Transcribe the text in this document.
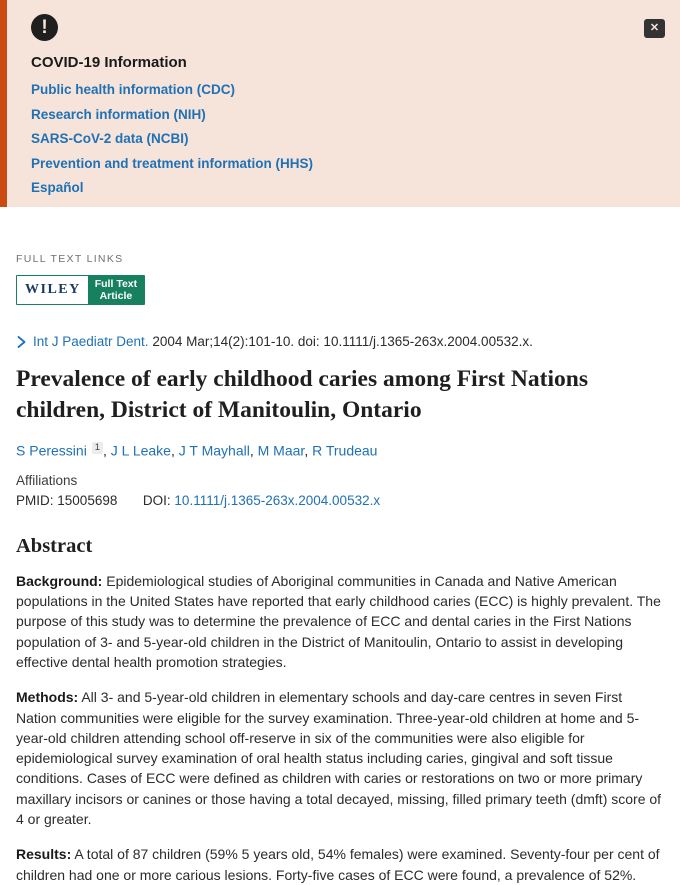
!	✕
COVID-19 Information
Public health information (CDC)
Research information (NIH)
SARS-CoV-2 data (NCBI)
Prevention and treatment information (HHS)
Español
FULL TEXT LINKS
WILEY	Full Text
Article
Int J Paediatr Dent. 2004 Mar;14(2):101-10. doi: 10.1111/j.1365-263x.2004.00532.x.
Prevalence of early childhood caries among First Nations children, District of Manitoulin, Ontario
S Peressini $^1$ , J L Leake, J T Mayhall, M Maar, R Trudeau
Affiliations
PMID: 15005698 DOI: 10.1111/j.1365-263x.2004.00532.x
Abstract

Background: Epidemiological studies of Aboriginal communities in Canada and Native American populations in the United States have reported that early childhood caries (ECC) is highly prevalent. The purpose of this study was to determine the prevalence of ECC and dental caries in the First Nations population of 3- and 5-year-old children in the District of Manitoulin, Ontario to assist in developing effective dental health promotion strategies.

Methods: All 3- and 5-year-old children in elementary schools and day-care centres in seven First Nation communities were eligible for the survey examination. Three-year-old children at home and 5-year-old children attending school off-reserve in six of the communities were also eligible for epidemiological survey examination of oral health status including caries, gingival and soft tissue conditions. Cases of ECC were defined as children with caries or restorations on two or more primary maxillary incisors or canines or those having a total decayed, missing, filled primary teeth (dmft) score of 4 or greater.

Results: A total of 87 children (59% 5 years old, 54% females) were examined. Seventy-four per cent of children had one or more carious lesions. Forty-five cases of ECC were found, a prevalence of 52%.
